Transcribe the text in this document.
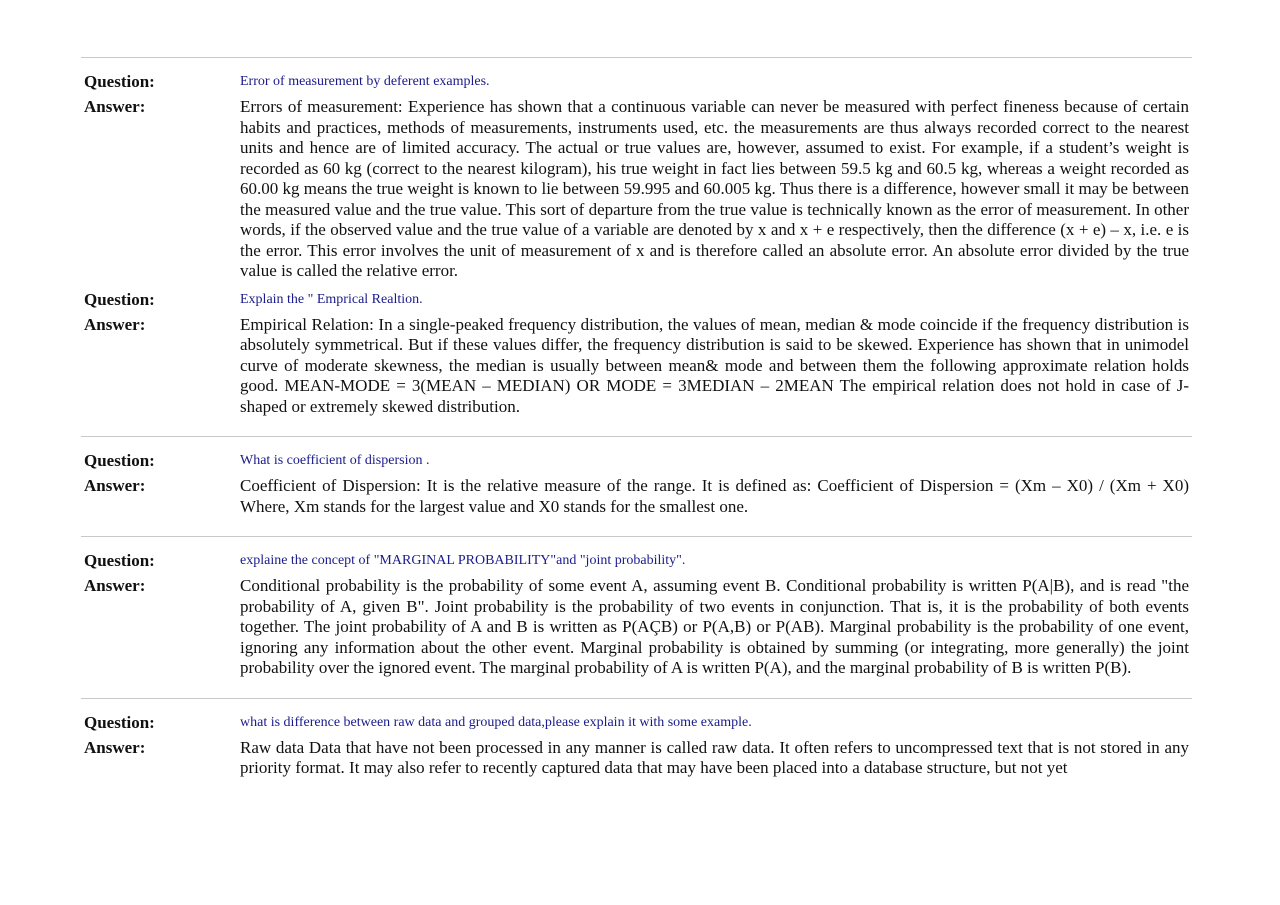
Question:	Error of measurement by deferent examples.
Answer:	Errors of measurement: Experience has shown that a continuous variable can never be measured with perfect fineness because of certain habits and practices, methods of measurements, instruments used, etc. the measurements are thus always recorded correct to the nearest units and hence are of limited accuracy. The actual or true values are, however, assumed to exist. For example, if a student’s weight is recorded as 60 kg (correct to the nearest kilogram), his true weight in fact lies between 59.5 kg and 60.5 kg, whereas a weight recorded as 60.00 kg means the true weight is known to lie between 59.995 and 60.005 kg. Thus there is a difference, however small it may be between the measured value and the true value. This sort of departure from the true value is technically known as the error of measurement. In other words, if the observed value and the true value of a variable are denoted by x and x + e respectively, then the difference (x + e) – x, i.e. e is the error. This error involves the unit of measurement of x and is therefore called an absolute error. An absolute error divided by the true value is called the relative error.
Question:	Explain the " Emprical Realtion.
Answer:	Empirical Relation: In a single-peaked frequency distribution, the values of mean, median & mode coincide if the frequency distribution is absolutely symmetrical. But if these values differ, the frequency distribution is said to be skewed. Experience has shown that in unimodel curve of moderate skewness, the median is usually between mean& mode and between them the following approximate relation holds good. MEAN-MODE = 3(MEAN – MEDIAN) OR MODE = 3MEDIAN – 2MEAN The empirical relation does not hold in case of J-shaped or extremely skewed distribution.
Question:	What is coefficient of dispersion .
Answer:	Coefficient of Dispersion: It is the relative measure of the range. It is defined as: Coefficient of Dispersion = (Xm – X0) / (Xm + X0) Where, Xm stands for the largest value and X0 stands for the smallest one.
Question:	explaine the concept of "MARGINAL PROBABILITY"and "joint probability".
Answer:	Conditional probability is the probability of some event A, assuming event B. Conditional probability is written P(A|B), and is read "the probability of A, given B". Joint probability is the probability of two events in conjunction. That is, it is the probability of both events together. The joint probability of A and B is written as P(AÇB) or P(A,B) or P(AB). Marginal probability is the probability of one event, ignoring any information about the other event. Marginal probability is obtained by summing (or integrating, more generally) the joint probability over the ignored event. The marginal probability of A is written P(A), and the marginal probability of B is written P(B).
Question:	what is difference between raw data and grouped data,please explain it with some example.
Answer:	Raw data Data that have not been processed in any manner is called raw data. It often refers to uncompressed text that is not stored in any priority format. It may also refer to recently captured data that may have been placed into a database structure, but not yet
